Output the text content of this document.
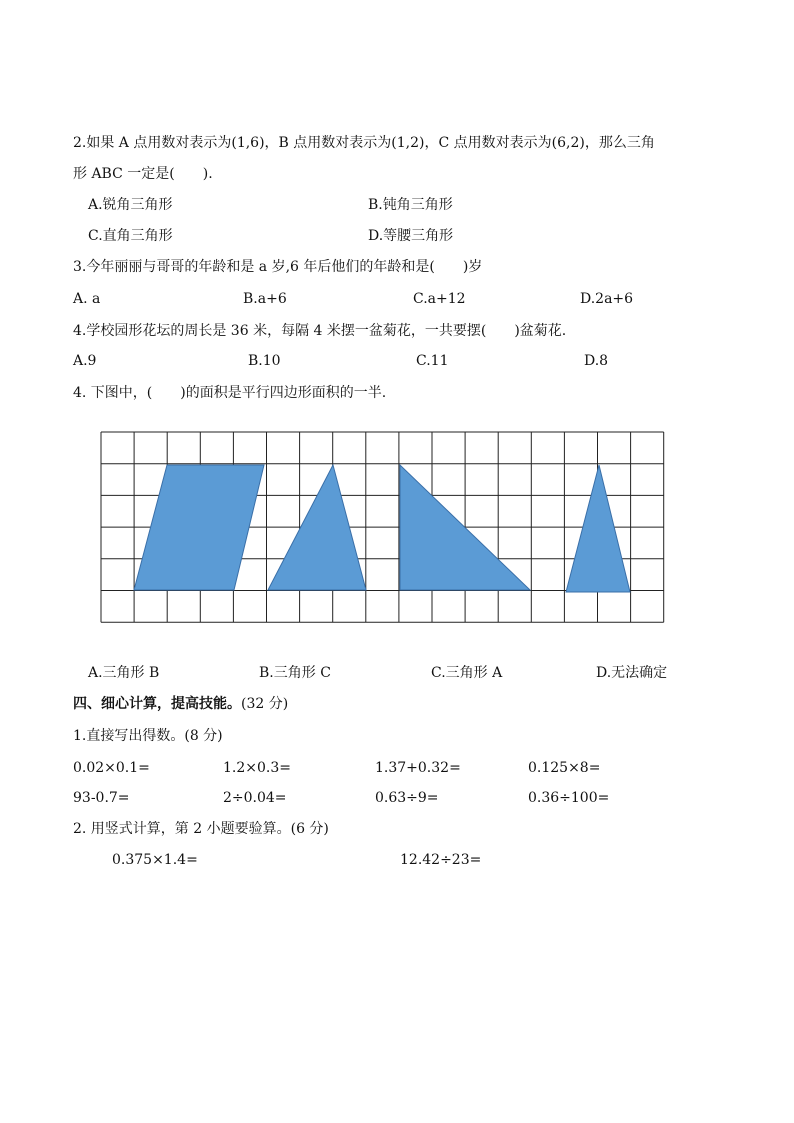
2.如果 A 点用数对表示为(1,6)，B 点用数对表示为(1,2)，C 点用数对表示为(6,2)，那么三角
形 ABC 一定是(　　).
A.锐角三角形	B.钝角三角形
C.直角三角形	D.等腰三角形
3.今年丽丽与哥哥的年龄和是 a 岁,6 年后他们的年龄和是(　　)岁
A. a	B.a+6	C.a+12	D.2a+6
4.学校园形花坛的周长是 36 米，每隔 4 米摆一盆菊花，一共要摆(　　)盆菊花.
A.9	B.10	C.11	D.8
4. 下图中，(　　)的面积是平行四边形面积的一半.
A.三角形 B	B.三角形 C	C.三角形 A	D.无法确定
四、细心计算，提高技能。(32 分)
1.直接写出得数。(8 分)
0.02×0.1=	1.2×0.3=	1.37+0.32=	0.125×8=
93-0.7=	2÷0.04=	0.63÷9=	0.36÷100=
2. 用竖式计算，第 2 小题要验算。(6 分)
0.375×1.4=	12.42÷23=
